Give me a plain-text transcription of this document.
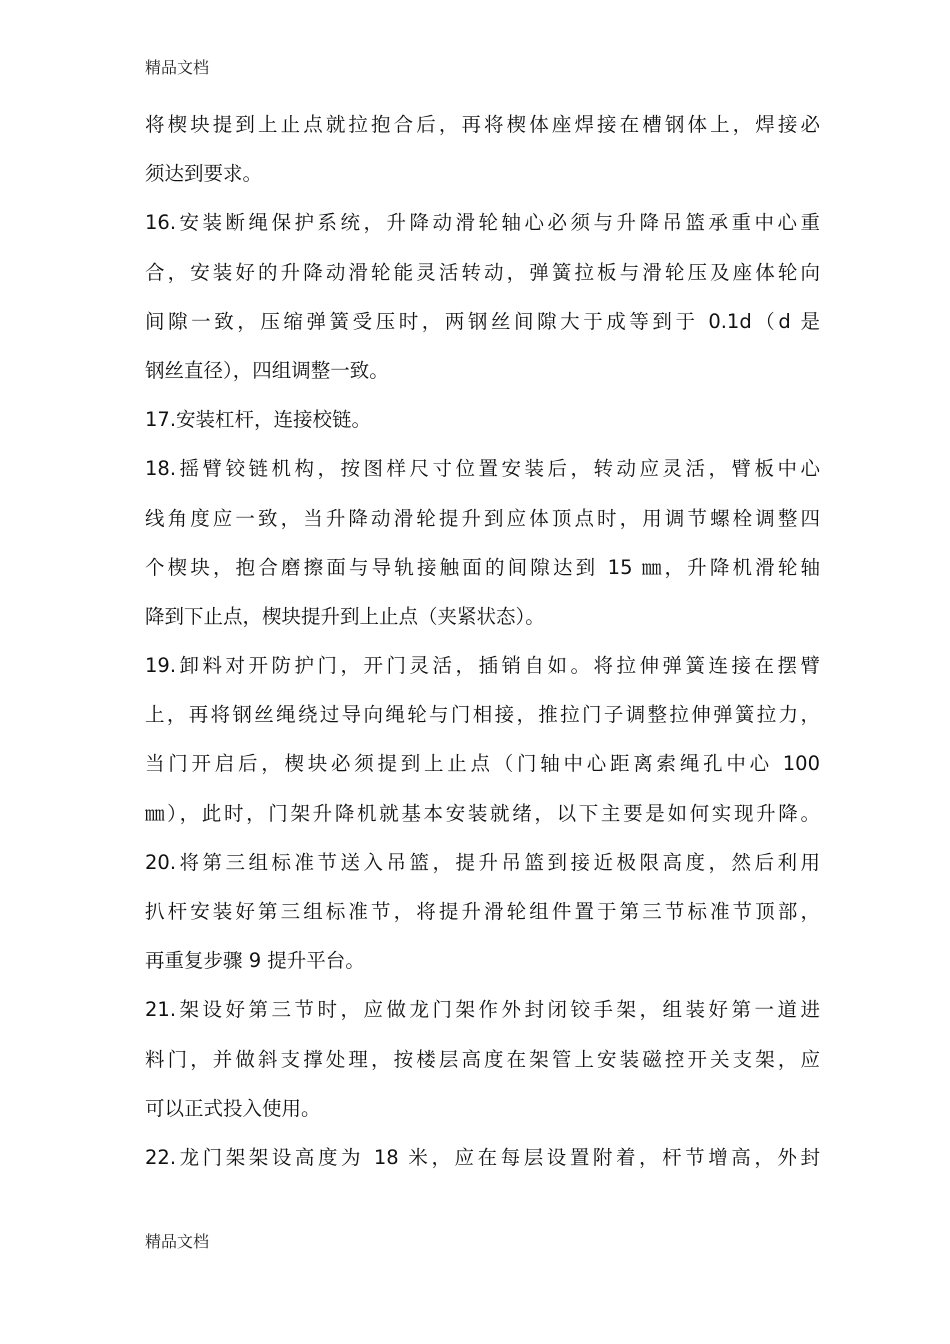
精品文档
将楔块提到上止点就拉抱合后，再将楔体座焊接在槽钢体上，焊接必
须达到要求。
16.安装断绳保护系统，升降动滑轮轴心必须与升降吊篮承重中心重
合，安装好的升降动滑轮能灵活转动，弹簧拉板与滑轮压及座体轮向
间隙一致，压缩弹簧受压时，两钢丝间隙大于成等到于 0.1d（d 是
钢丝直径），四组调整一致。
17.安装杠杆，连接校链。
18.摇臂铰链机构，按图样尺寸位置安装后，转动应灵活，臂板中心
线角度应一致，当升降动滑轮提升到应体顶点时，用调节螺栓调整四
个楔块，抱合磨擦面与导轨接触面的间隙达到 15 ㎜，升降机滑轮轴
降到下止点，楔块提升到上止点（夹紧状态）。
19.卸料对开防护门，开门灵活，插销自如。将拉伸弹簧连接在摆臂
上，再将钢丝绳绕过导向绳轮与门相接，推拉门子调整拉伸弹簧拉力，
当门开启后，楔块必须提到上止点（门轴中心距离索绳孔中心 100
㎜），此时，门架升降机就基本安装就绪，以下主要是如何实现升降。
20.将第三组标准节送入吊篮，提升吊篮到接近极限高度，然后利用
扒杆安装好第三组标准节，将提升滑轮组件置于第三节标准节顶部，
再重复步骤 9 提升平台。
21.架设好第三节时，应做龙门架作外封闭铰手架，组装好第一道进
料门，并做斜支撑处理，按楼层高度在架管上安装磁控开关支架，应
可以正式投入使用。
22.龙门架架设高度为 18 米，应在每层设置附着，杆节增高，外封
精品文档
